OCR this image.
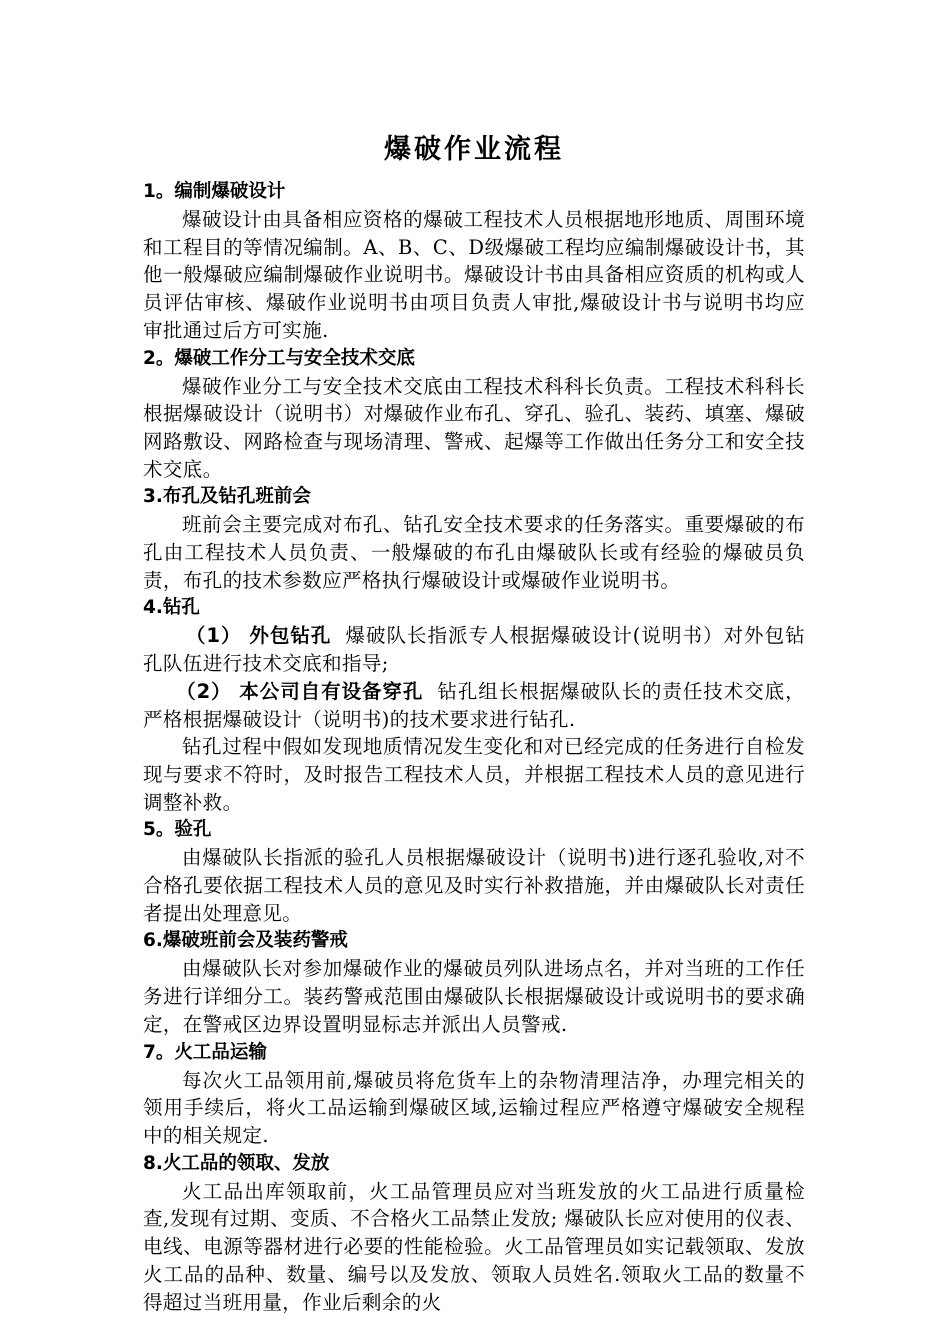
爆破作业流程
1。编制爆破设计

爆破设计由具备相应资格的爆破工程技术人员根据地形地质、周围环境和工程目的等情况编制。A、B、C、D级爆破工程均应编制爆破设计书，其他一般爆破应编制爆破作业说明书。爆破设计书由具备相应资质的机构或人员评估审核、爆破作业说明书由项目负责人审批,爆破设计书与说明书均应审批通过后方可实施.

2。爆破工作分工与安全技术交底

爆破作业分工与安全技术交底由工程技术科科长负责。工程技术科科长根据爆破设计（说明书）对爆破作业布孔、穿孔、验孔、装药、填塞、爆破网路敷设、网路检查与现场清理、警戒、起爆等工作做出任务分工和安全技术交底。

3.布孔及钻孔班前会

班前会主要完成对布孔、钻孔安全技术要求的任务落实。重要爆破的布孔由工程技术人员负责、一般爆破的布孔由爆破队长或有经验的爆破员负责，布孔的技术参数应严格执行爆破设计或爆破作业说明书。

4.钻孔

（1） 外包钻孔 爆破队长指派专人根据爆破设计(说明书）对外包钻孔队伍进行技术交底和指导;

（2） 本公司自有设备穿孔 钻孔组长根据爆破队长的责任技术交底，严格根据爆破设计（说明书)的技术要求进行钻孔.

钻孔过程中假如发现地质情况发生变化和对已经完成的任务进行自检发现与要求不符时，及时报告工程技术人员，并根据工程技术人员的意见进行调整补救。

5。验孔

由爆破队长指派的验孔人员根据爆破设计（说明书)进行逐孔验收,对不合格孔要依据工程技术人员的意见及时实行补救措施，并由爆破队长对责任者提出处理意见。

6.爆破班前会及装药警戒

由爆破队长对参加爆破作业的爆破员列队进场点名，并对当班的工作任务进行详细分工。装药警戒范围由爆破队长根据爆破设计或说明书的要求确定，在警戒区边界设置明显标志并派出人员警戒.

7。火工品运输

每次火工品领用前,爆破员将危货车上的杂物清理洁净，办理完相关的领用手续后，将火工品运输到爆破区域,运输过程应严格遵守爆破安全规程中的相关规定.

8.火工品的领取、发放

火工品出库领取前，火工品管理员应对当班发放的火工品进行质量检查,发现有过期、变质、不合格火工品禁止发放; 爆破队长应对使用的仪表、电线、电源等器材进行必要的性能检验。火工品管理员如实记载领取、发放火工品的品种、数量、编号以及发放、领取人员姓名.领取火工品的数量不得超过当班用量，作业后剩余的火
